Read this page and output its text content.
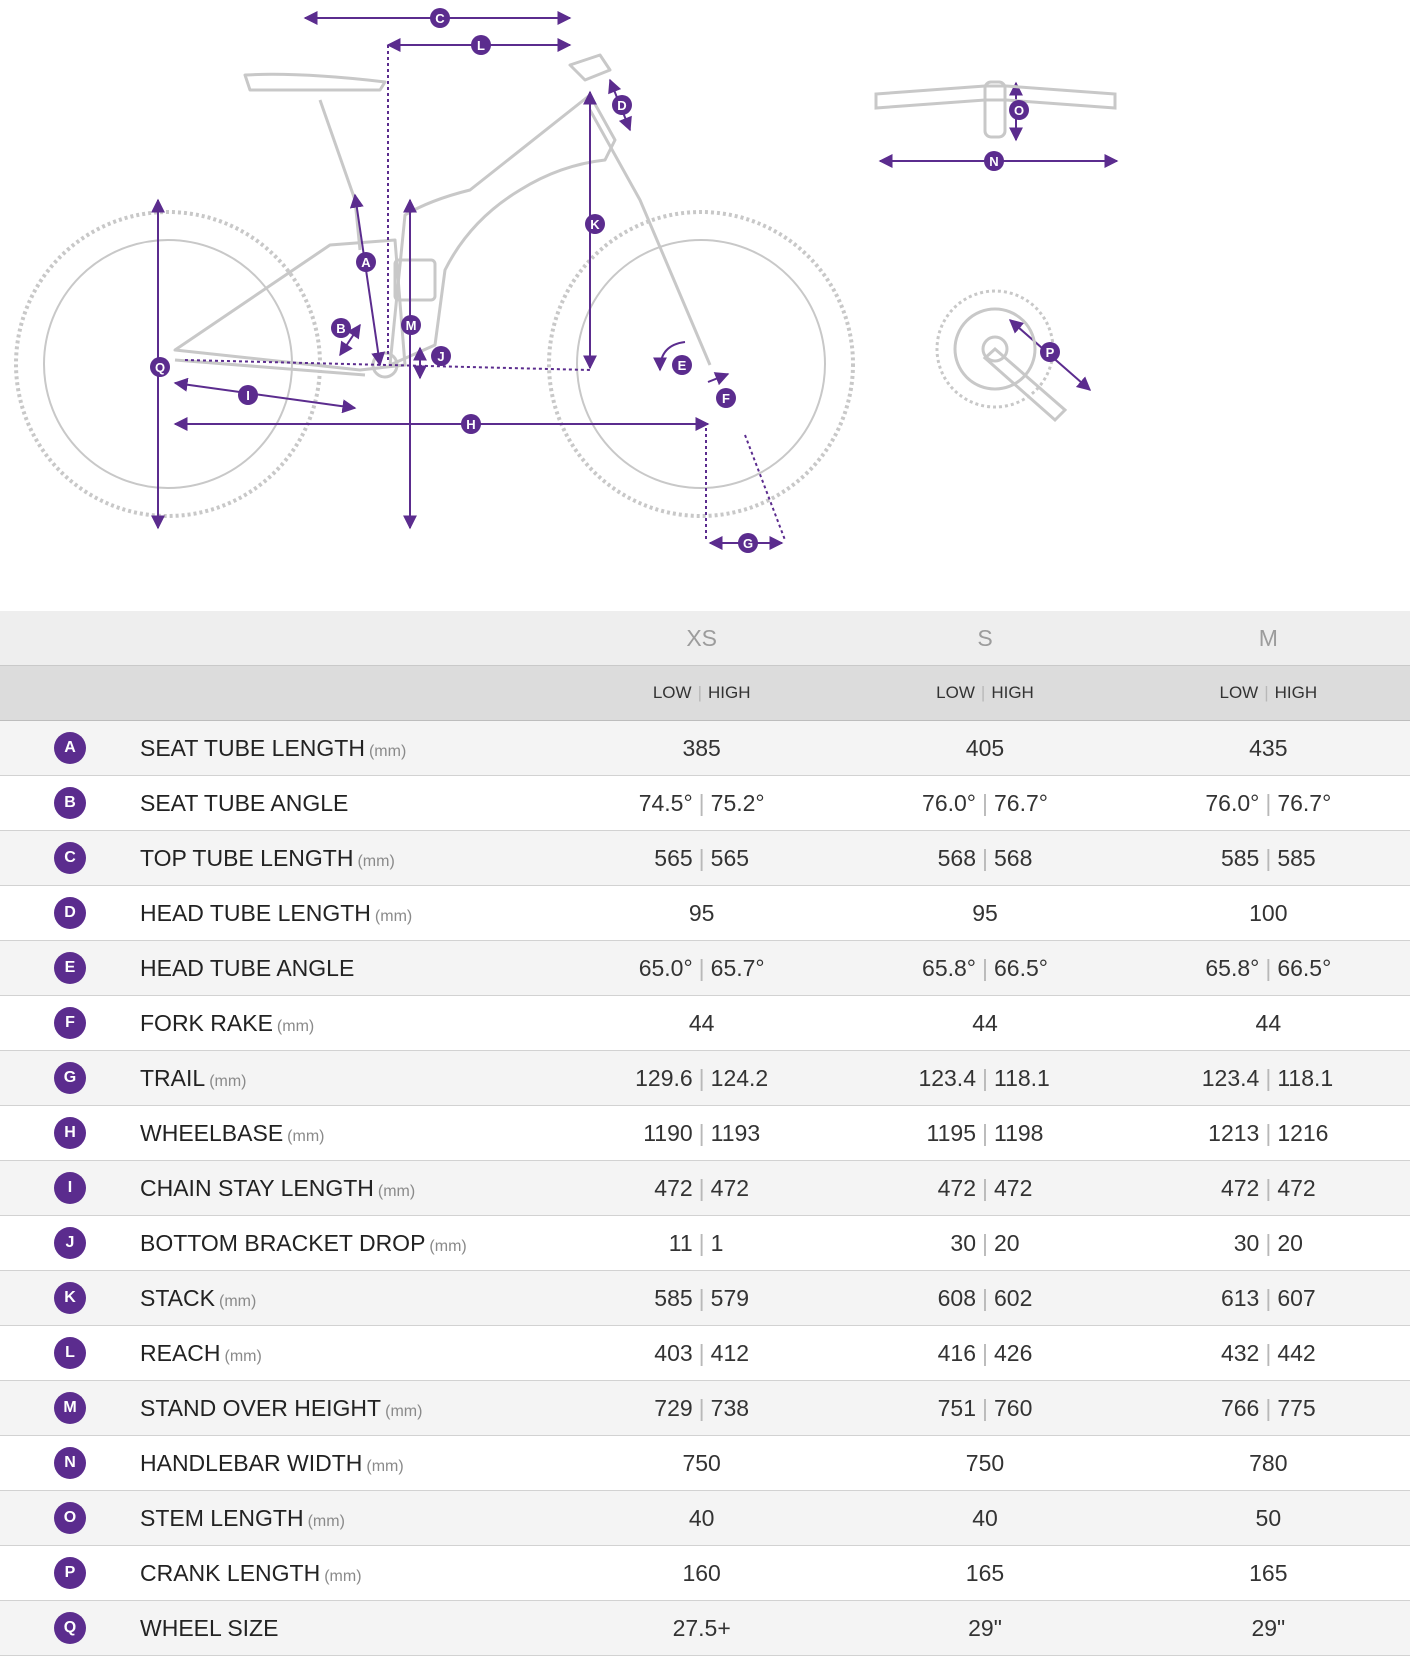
A
B
C
D
E
F
G
H
I
J
K
L
M
N
O
P
Q
		XS	S	M
		LOW | HIGH	LOW | HIGH	LOW | HIGH
A	SEAT TUBE LENGTH (mm)	385	405	435
B	SEAT TUBE ANGLE	74.5° | 75.2°	76.0° | 76.7°	76.0° | 76.7°
C	TOP TUBE LENGTH (mm)	565 | 565	568 | 568	585 | 585
D	HEAD TUBE LENGTH (mm)	95	95	100
E	HEAD TUBE ANGLE	65.0° | 65.7°	65.8° | 66.5°	65.8° | 66.5°
F	FORK RAKE (mm)	44	44	44
G	TRAIL (mm)	129.6 | 124.2	123.4 | 118.1	123.4 | 118.1
H	WHEELBASE (mm)	1190 | 1193	1195 | 1198	1213 | 1216
I	CHAIN STAY LENGTH (mm)	472 | 472	472 | 472	472 | 472
J	BOTTOM BRACKET DROP (mm)	11 | 1	30 | 20	30 | 20
K	STACK (mm)	585 | 579	608 | 602	613 | 607
L	REACH (mm)	403 | 412	416 | 426	432 | 442
M	STAND OVER HEIGHT (mm)	729 | 738	751 | 760	766 | 775
N	HANDLEBAR WIDTH (mm)	750	750	780
O	STEM LENGTH (mm)	40	40	50
P	CRANK LENGTH (mm)	160	165	165
Q	WHEEL SIZE	27.5+	29"	29"
